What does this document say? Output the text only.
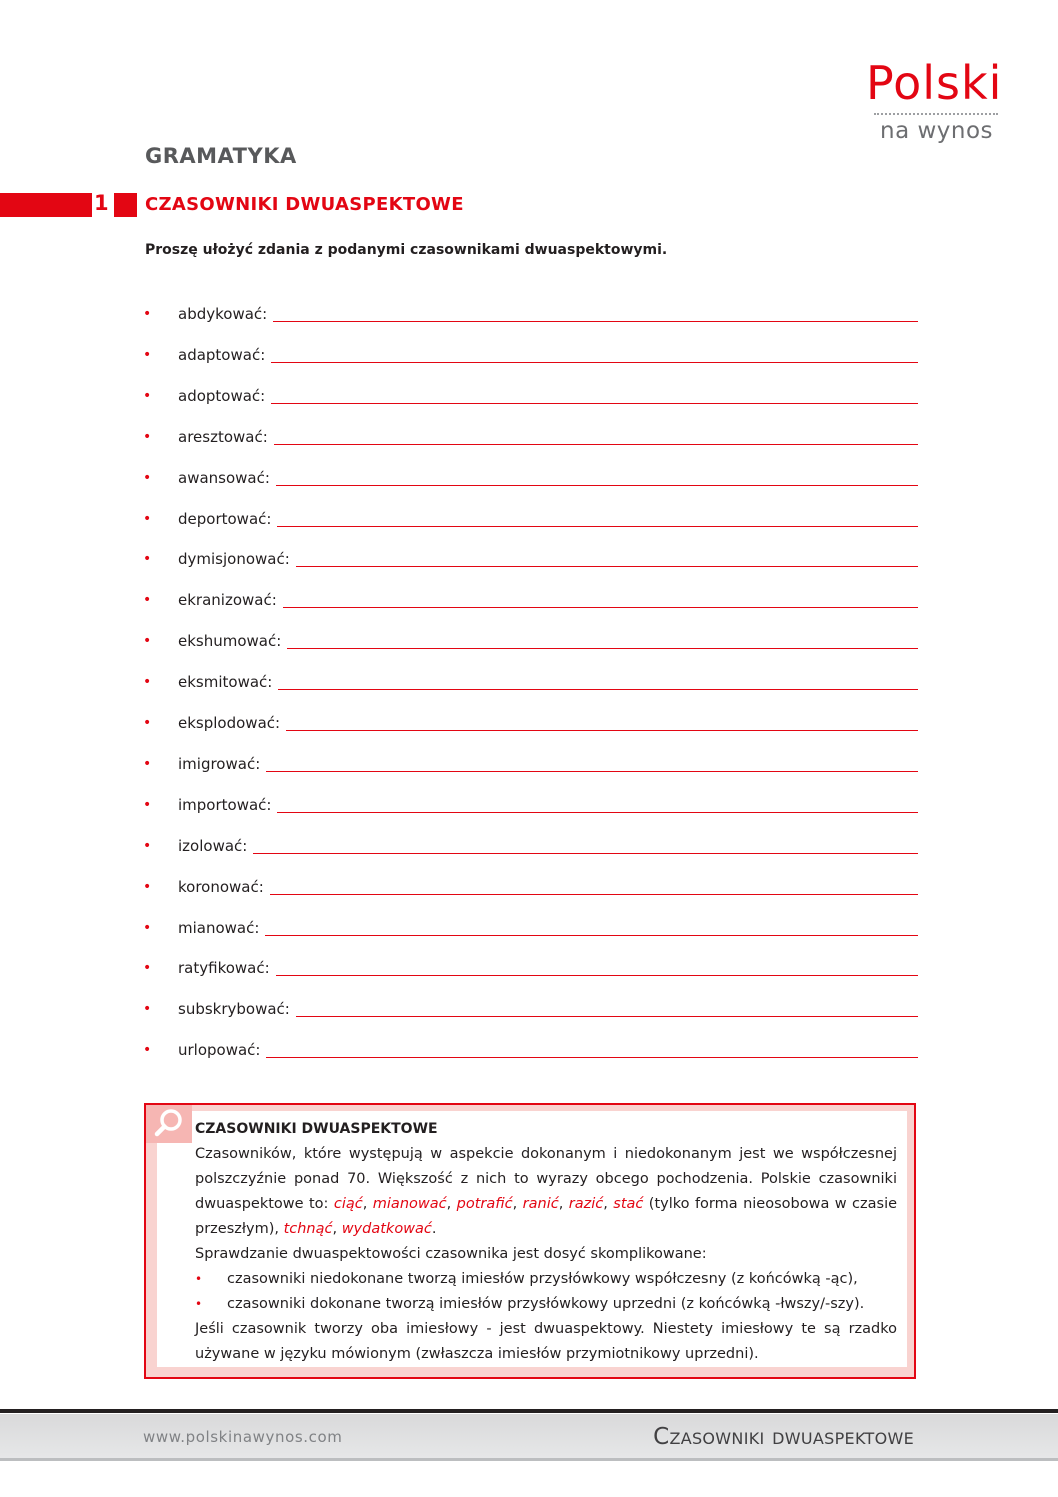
Polski
na wynos
GRAMATYKA
1 CZASOWNIKI DWUASPEKTOWE
Proszę ułożyć zdania z podanymi czasownikami dwuaspektowymi.
•	abdykować:
•	adaptować:
•	adoptować:
•	aresztować:
•	awansować:
•	deportować:
•	dymisjonować:
•	ekranizować:
•	ekshumować:
•	eksmitować:
•	eksplodować:
•	imigrować:
•	importować:
•	izolować:
•	koronować:
•	mianować:
•	ratyfikować:
•	subskrybować:
•	urlopować:
CZASOWNIKI DWUASPEKTOWE
Czasowników, które występują w aspekcie dokonanym i niedokonanym jest we współczesnej polszczyźnie ponad 70. Większość z nich to wyrazy obcego pochodzenia. Polskie czasowniki dwuaspektowe to: ciąć, mianować, potrafić, ranić, razić, stać (tylko forma nieosobowa w czasie przeszłym), tchnąć, wydatkować.
Sprawdzanie dwuaspektowości czasownika jest dosyć skomplikowane:
•	czasowniki niedokonane tworzą imiesłów przysłówkowy współczesny (z końcówką -ąc),
•	czasowniki dokonane tworzą imiesłów przysłówkowy uprzedni (z końcówką -łwszy/-szy).
Jeśli czasownik tworzy oba imiesłowy - jest dwuaspektowy. Niestety imiesłowy te są rzadko używane w języku mówionym (zwłaszcza imiesłów przymiotnikowy uprzedni).
www.polskinawynos.com	Czasowniki dwuaspektowe
